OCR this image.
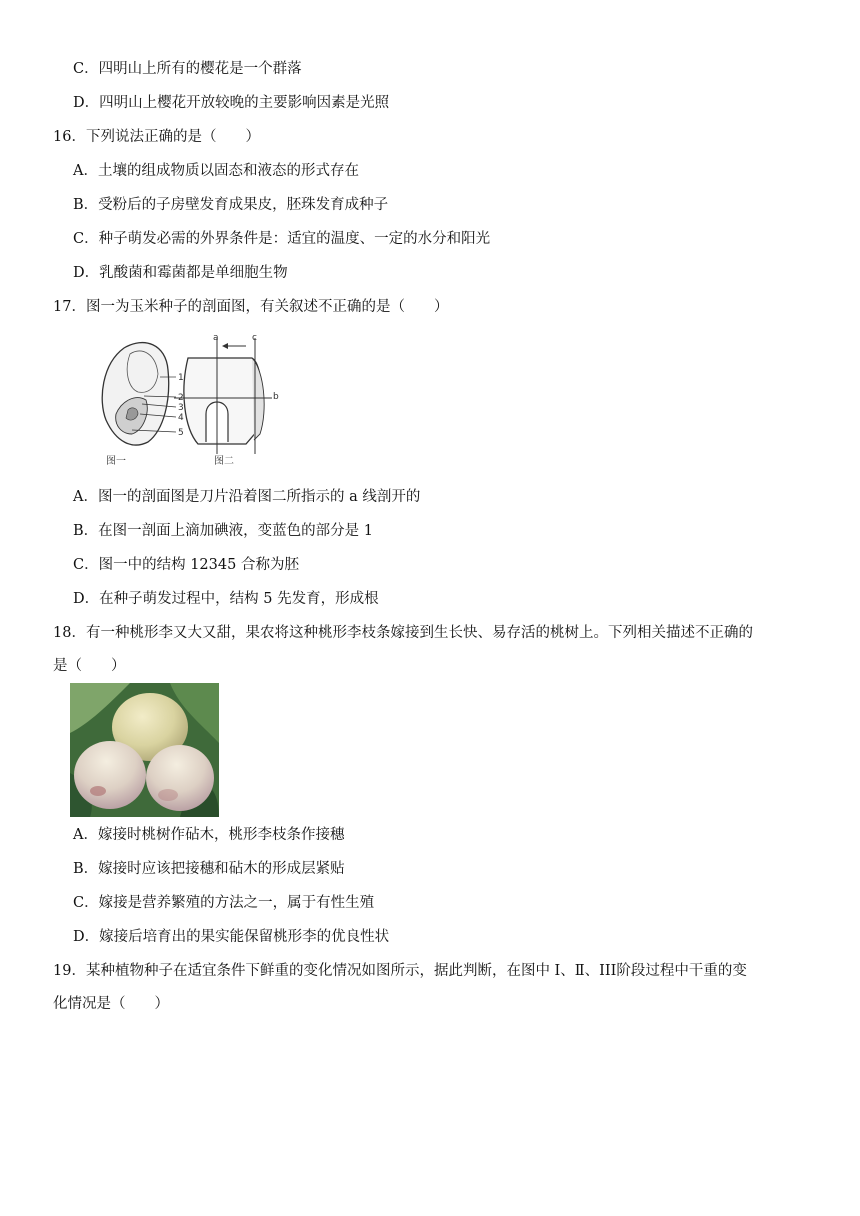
C．四明山上所有的樱花是一个群落
D．四明山上樱花开放较晚的主要影响因素是光照
16．下列说法正确的是（　　）
A．土壤的组成物质以固态和液态的形式存在
B．受粉后的子房壁发育成果皮，胚珠发育成种子
C．种子萌发必需的外界条件是：适宜的温度、一定的水分和阳光
D．乳酸菌和霉菌都是单细胞生物
17．图一为玉米种子的剖面图，有关叙述不正确的是（　　）
1
2
3
4
5
图一
a	c
b
图二
A．图一的剖面图是刀片沿着图二所指示的 a 线剖开的
B．在图一剖面上滴加碘液，变蓝色的部分是 1
C．图一中的结构 12345 合称为胚
D．在种子萌发过程中，结构 5 先发育，形成根
18．有一种桃形李又大又甜，果农将这种桃形李枝条嫁接到生长快、易存活的桃树上。下列相关描述不正确的
是（　　）
A．嫁接时桃树作砧木，桃形李枝条作接穗
B．嫁接时应该把接穗和砧木的形成层紧贴
C．嫁接是营养繁殖的方法之一，属于有性生殖
D．嫁接后培育出的果实能保留桃形李的优良性状
19．某种植物种子在适宜条件下鲜重的变化情况如图所示，据此判断，在图中 Ⅰ、Ⅱ、III阶段过程中干重的变
化情况是（　　）
